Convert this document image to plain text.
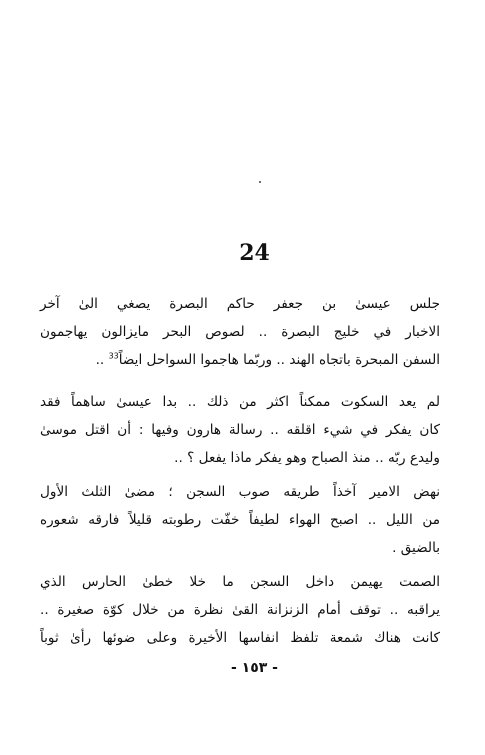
24
جلس عيسىٰ بن جعفر حاكم البصرة يصغي الىٰ آخر
الاخبار في خليج البصرة .. لصوص البحر مايزالون يهاجمون
السفن المبحرة باتجاه الهند .. وربّما هاجموا السواحل ايضاً$^{33}$ ..
لم يعد السكوت ممكناً اكثر من ذلك .. بدا عيسىٰ ساهماً فقد
كان يفكر في شيء اقلقه .. رسالة هارون وفيها : أن اقتل موسىٰ
وليدع ربّه .. منذ الصباح وهو يفكر ماذا يفعل ؟ ..
نهض الامير آخذاً طريقه صوب السجن ؛ مضىٰ الثلث الأول
من الليل .. اصبح الهواء لطيفاً خفّت رطوبته قليلاً فارقه شعوره
بالضيق .
الصمت يهيمن داخل السجن ما خلا خطىٰ الحارس الذي
يراقبه .. توقف أمام الزنزانة القىٰ نظرة من خلال كوّة صغيرة ..
كانت هناك شمعة تلفظ انفاسها الأخيرة وعلى ضوئها رأىٰ ثوباً
- ١٥٣ -
